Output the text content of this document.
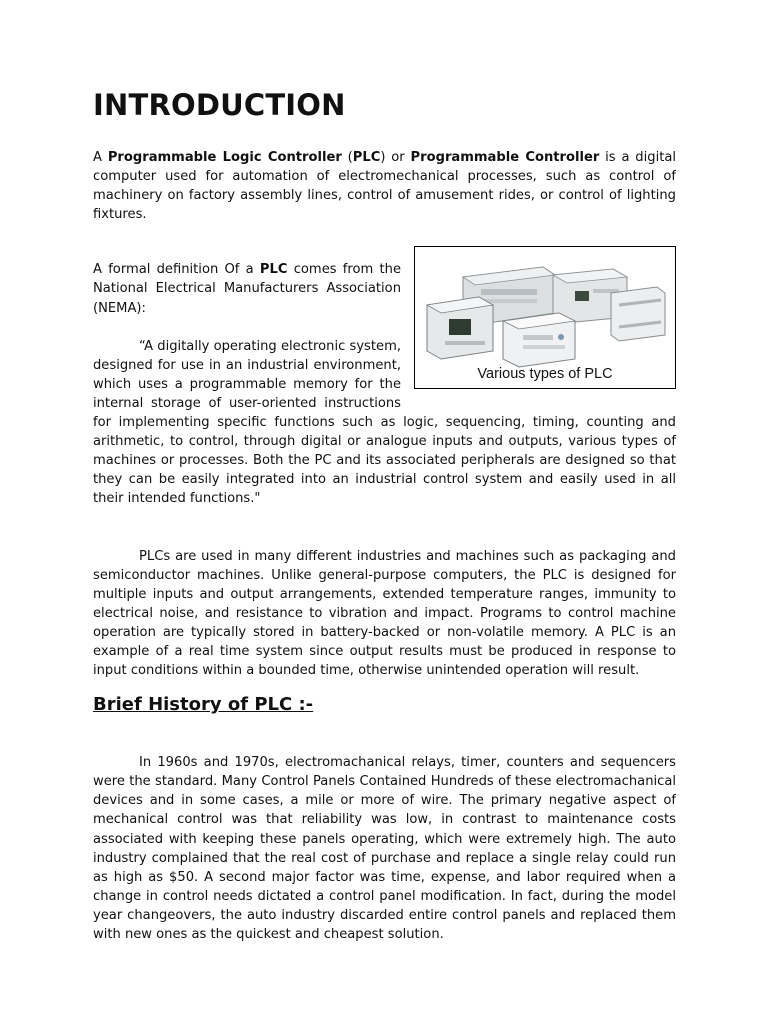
INTRODUCTION

A Programmable Logic Controller (PLC) or Programmable Controller is a digital computer used for automation of electromechanical processes, such as control of machinery on factory assembly lines, control of amusement rides, or control of lighting fixtures.

Various types of PLC

A formal definition Of a PLC comes from the National Electrical Manufacturers Association (NEMA):

“A digitally operating electronic system, designed for use in an industrial environment, which uses a programmable memory for the internal storage of user-oriented instructions for implementing specific functions such as logic, sequencing, timing, counting and arithmetic, to control, through digital or analogue inputs and outputs, various types of machines or processes. Both the PC and its associated peripherals are designed so that they can be easily integrated into an industrial control system and easily used in all their intended functions."

PLCs are used in many different industries and machines such as packaging and semiconductor machines. Unlike general-purpose computers, the PLC is designed for multiple inputs and output arrangements, extended temperature ranges, immunity to electrical noise, and resistance to vibration and impact. Programs to control machine operation are typically stored in battery-backed or non-volatile memory. A PLC is an example of a real time system since output results must be produced in response to input conditions within a bounded time, otherwise unintended operation will result.

Brief History of PLC :-

In 1960s and 1970s, electromachanical relays, timer, counters and sequencers were the standard. Many Control Panels Contained Hundreds of these electromachanical devices and in some cases, a mile or more of wire. The primary negative aspect of mechanical control was that reliability was low, in contrast to maintenance costs associated with keeping these panels operating, which were extremely high. The auto industry complained that the real cost of purchase and replace a single relay could run as high as $50. A second major factor was time, expense, and labor required when a change in control needs dictated a control panel modification. In fact, during the model year changeovers, the auto industry discarded entire control panels and replaced them with new ones as the quickest and cheapest solution.
